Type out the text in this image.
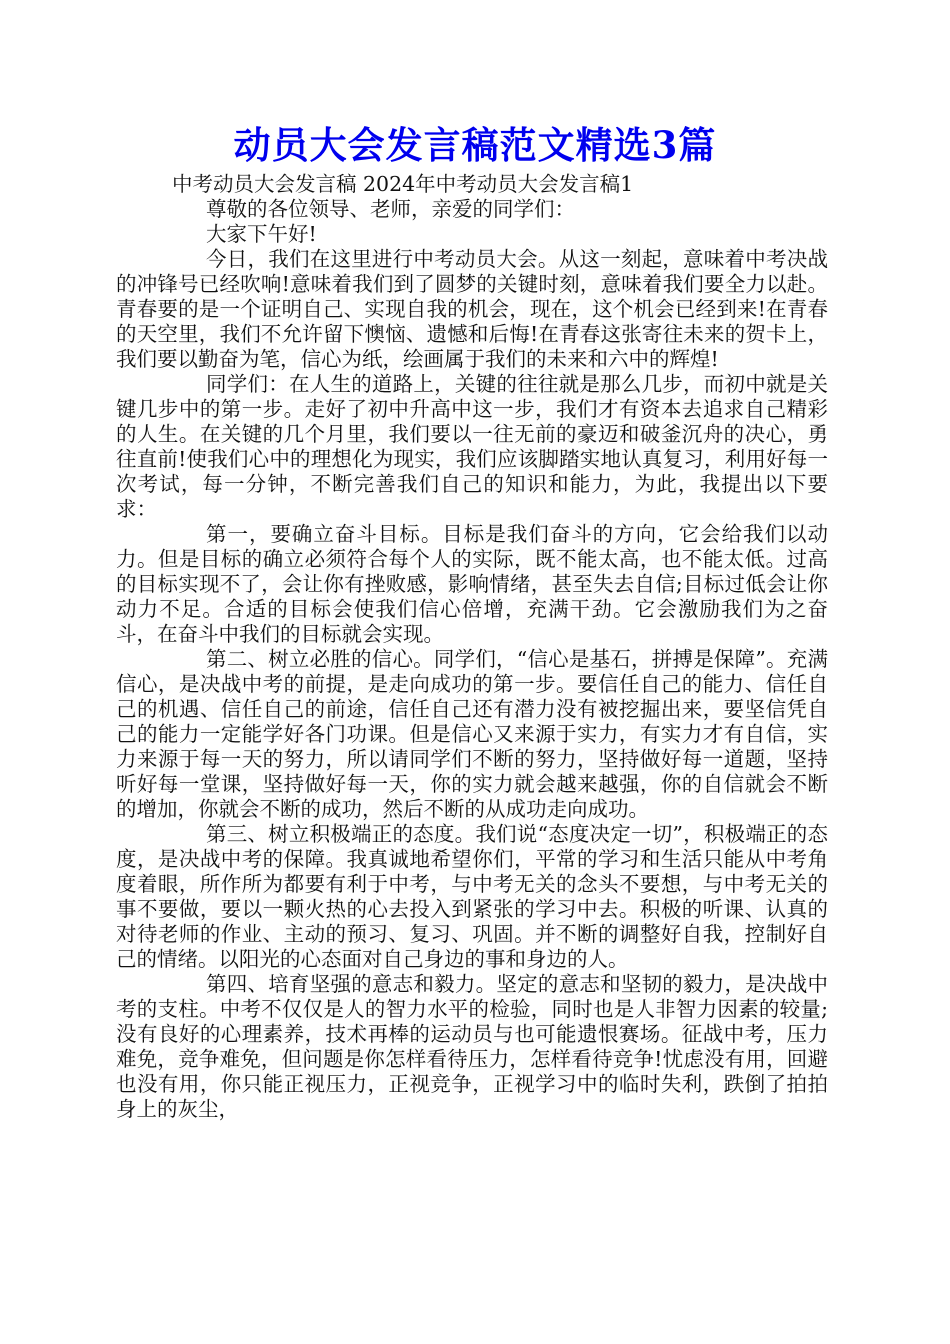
动员大会发言稿范文精选3篇

中考动员大会发言稿 2024年中考动员大会发言稿1

尊敬的各位领导、老师，亲爱的同学们：

大家下午好!

今日，我们在这里进行中考动员大会。从这一刻起，意味着中考决战的冲锋号已经吹响!意味着我们到了圆梦的关键时刻，意味着我们要全力以赴。青春要的是一个证明自己、实现自我的机会，现在，这个机会已经到来!在青春的天空里，我们不允许留下懊恼、遗憾和后悔!在青春这张寄往未来的贺卡上，我们要以勤奋为笔，信心为纸，绘画属于我们的未来和六中的辉煌!

同学们：在人生的道路上，关键的往往就是那么几步，而初中就是关键几步中的第一步。走好了初中升高中这一步，我们才有资本去追求自己精彩的人生。在关键的几个月里，我们要以一往无前的豪迈和破釜沉舟的决心，勇往直前!使我们心中的理想化为现实，我们应该脚踏实地认真复习，利用好每一次考试，每一分钟，不断完善我们自己的知识和能力，为此，我提出以下要求：

第一，要确立奋斗目标。目标是我们奋斗的方向，它会给我们以动力。但是目标的确立必须符合每个人的实际，既不能太高，也不能太低。过高的目标实现不了，会让你有挫败感，影响情绪，甚至失去自信;目标过低会让你动力不足。合适的目标会使我们信心倍增，充满干劲。它会激励我们为之奋斗，在奋斗中我们的目标就会实现。

第二、树立必胜的信心。同学们，“信心是基石，拼搏是保障”。充满信心，是决战中考的前提，是走向成功的第一步。要信任自己的能力、信任自己的机遇、信任自己的前途，信任自己还有潜力没有被挖掘出来，要坚信凭自己的能力一定能学好各门功课。但是信心又来源于实力，有实力才有自信，实力来源于每一天的努力，所以请同学们不断的努力，坚持做好每一道题，坚持听好每一堂课，坚持做好每一天，你的实力就会越来越强，你的自信就会不断的增加，你就会不断的成功，然后不断的从成功走向成功。

第三、树立积极端正的态度。我们说“态度决定一切”，积极端正的态度，是决战中考的保障。我真诚地希望你们，平常的学习和生活只能从中考角度着眼，所作所为都要有利于中考，与中考无关的念头不要想，与中考无关的事不要做，要以一颗火热的心去投入到紧张的学习中去。积极的听课、认真的对待老师的作业、主动的预习、复习、巩固。并不断的调整好自我，控制好自己的情绪。以阳光的心态面对自己身边的事和身边的人。

第四、培育坚强的意志和毅力。坚定的意志和坚韧的毅力，是决战中考的支柱。中考不仅仅是人的智力水平的检验，同时也是人非智力因素的较量;没有良好的心理素养，技术再棒的运动员与也可能遗恨赛场。征战中考，压力难免，竞争难免，但问题是你怎样看待压力，怎样看待竞争!忧虑没有用，回避也没有用，你只能正视压力，正视竞争，正视学习中的临时失利，跌倒了拍拍身上的灰尘，
